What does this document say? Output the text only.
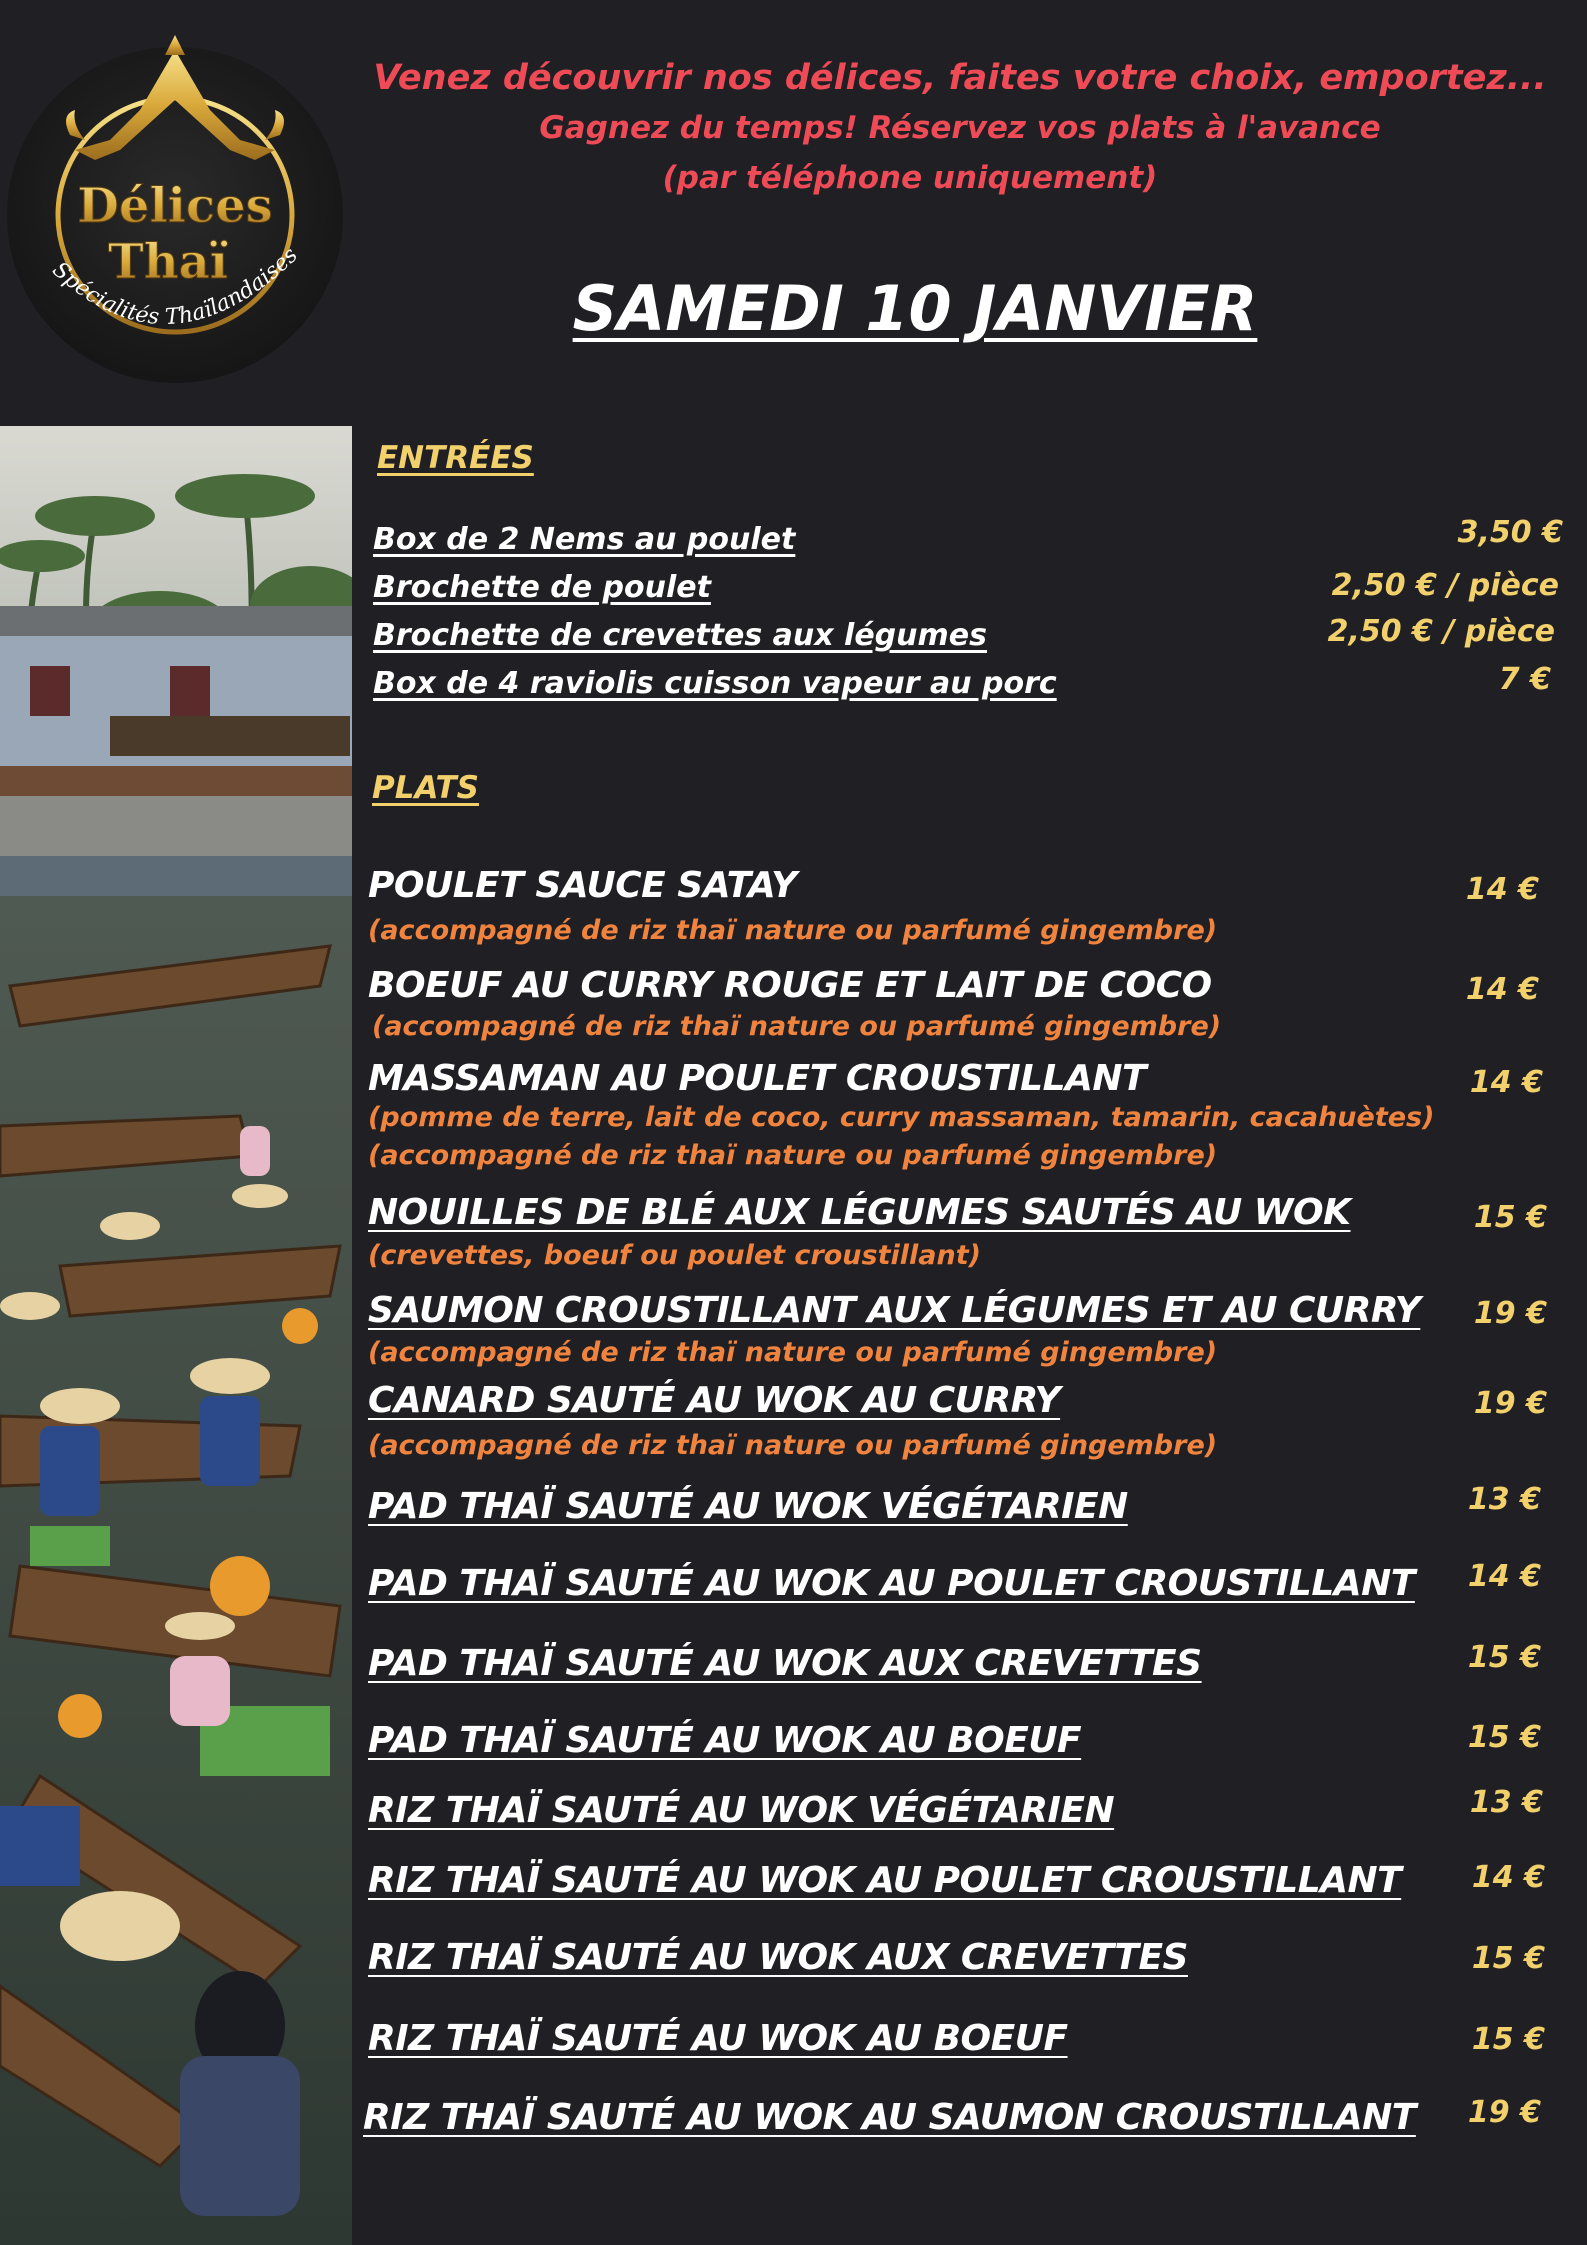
Délices
Thaï
Spécialités Thaïlandaises

Venez découvrir nos délices, faites votre choix, emportez...

Gagnez du temps! Réservez vos plats à l'avance

(par téléphone uniquement)

SAMEDI 10 JANVIER
ENTRÉES
Box de 2 Nems au poulet	3,50 €
Brochette de poulet	2,50 € / pièce
Brochette de crevettes aux légumes	2,50 € / pièce
Box de 4 raviolis cuisson vapeur au porc	7 €
PLATS
POULET SAUCE SATAY	14 €
(accompagné de riz thaï nature ou parfumé gingembre)
BOEUF AU CURRY ROUGE ET LAIT DE COCO	14 €
(accompagné de riz thaï nature ou parfumé gingembre)
MASSAMAN AU POULET CROUSTILLANT	14 €
(pomme de terre, lait de coco, curry massaman, tamarin, cacahuètes)
(accompagné de riz thaï nature ou parfumé gingembre)
NOUILLES DE BLÉ AUX LÉGUMES SAUTÉS AU WOK	15 €
(crevettes, boeuf ou poulet croustillant)
SAUMON CROUSTILLANT AUX LÉGUMES ET AU CURRY 19 €
(accompagné de riz thaï nature ou parfumé gingembre)
CANARD SAUTÉ AU WOK AU CURRY	19 €
(accompagné de riz thaï nature ou parfumé gingembre)
PAD THAÏ SAUTÉ AU WOK VÉGÉTARIEN	13 €
PAD THAÏ SAUTÉ AU WOK AU POULET CROUSTILLANT 14 €
PAD THAÏ SAUTÉ AU WOK AUX CREVETTES	15 €
PAD THAÏ SAUTÉ AU WOK AU BOEUF	15 €
RIZ THAÏ SAUTÉ AU WOK VÉGÉTARIEN	13 €
RIZ THAÏ SAUTÉ AU WOK AU POULET CROUSTILLANT 14 €
RIZ THAÏ SAUTÉ AU WOK AUX CREVETTES	15 €
RIZ THAÏ SAUTÉ AU WOK AU BOEUF	15 €
RIZ THAÏ SAUTÉ AU WOK AU SAUMON CROUSTILLANT 19 €
